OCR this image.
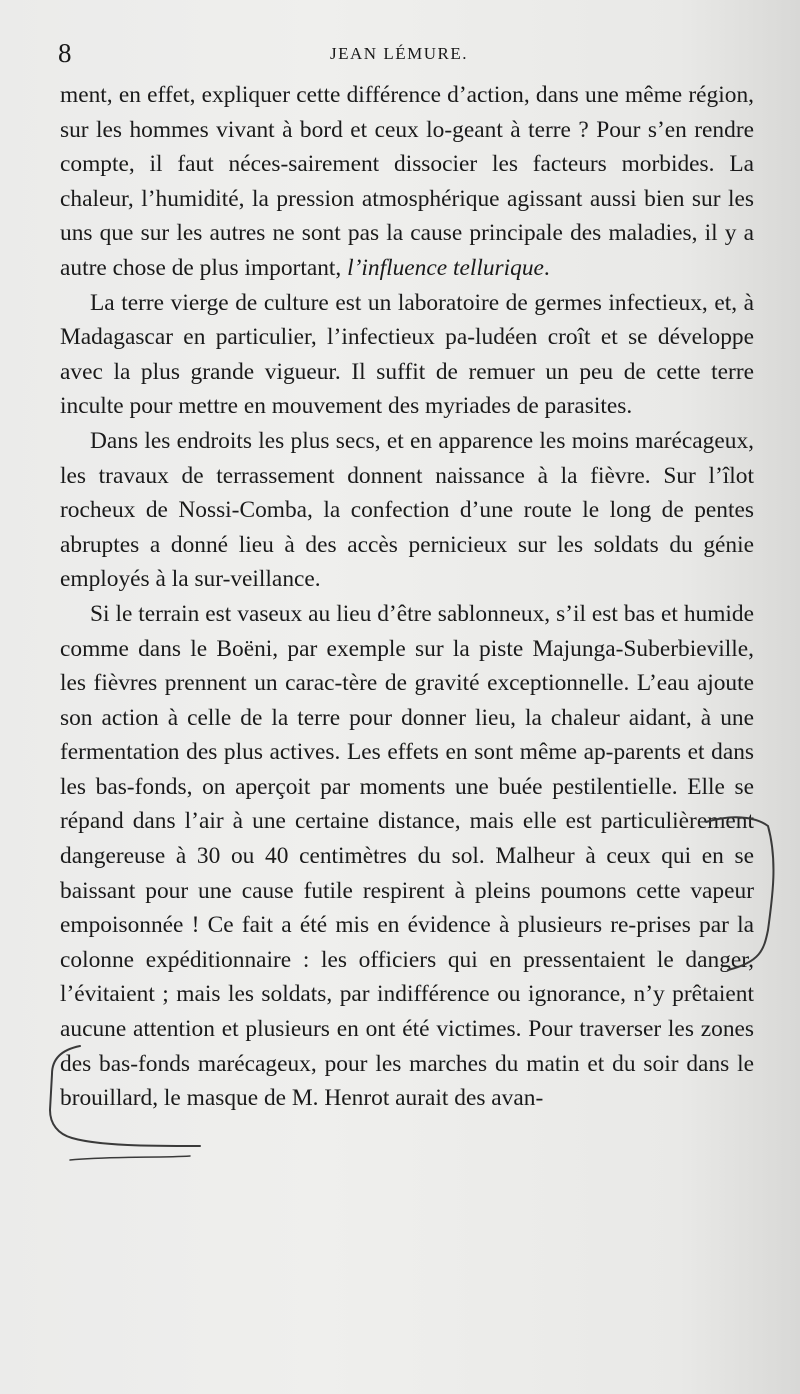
8	JEAN LÉMURE.

ment, en effet, expliquer cette différence d’action, dans une même région, sur les hommes vivant à bord et ceux lo-geant à terre ? Pour s’en rendre compte, il faut néces-sairement dissocier les facteurs morbides. La chaleur, l’humidité, la pression atmosphérique agissant aussi bien sur les uns que sur les autres ne sont pas la cause principale des maladies, il y a autre chose de plus important, l’influence tellurique.

La terre vierge de culture est un laboratoire de germes infectieux, et, à Madagascar en particulier, l’infectieux pa-ludéen croît et se développe avec la plus grande vigueur. Il suffit de remuer un peu de cette terre inculte pour mettre en mouvement des myriades de parasites.

Dans les endroits les plus secs, et en apparence les moins marécageux, les travaux de terrassement donnent naissance à la fièvre. Sur l’îlot rocheux de Nossi-Comba, la confection d’une route le long de pentes abruptes a donné lieu à des accès pernicieux sur les soldats du génie employés à la sur-veillance.

Si le terrain est vaseux au lieu d’être sablonneux, s’il est bas et humide comme dans le Boëni, par exemple sur la piste Majunga-Suberbieville, les fièvres prennent un carac-tère de gravité exceptionnelle. L’eau ajoute son action à celle de la terre pour donner lieu, la chaleur aidant, à une fermentation des plus actives. Les effets en sont même ap-parents et dans les bas-fonds, on aperçoit par moments une buée pestilentielle. Elle se répand dans l’air à une certaine distance, mais elle est particulièrement dangereuse à 30 ou 40 centimètres du sol. Malheur à ceux qui en se baissant pour une cause futile respirent à pleins poumons cette vapeur empoisonnée ! Ce fait a été mis en évidence à plusieurs re-prises par la colonne expéditionnaire : les officiers qui en pressentaient le danger, l’évitaient ; mais les soldats, par indifférence ou ignorance, n’y prêtaient aucune attention et plusieurs en ont été victimes. Pour traverser les zones des bas-fonds marécageux, pour les marches du matin et du soir dans le brouillard, le masque de M. Henrot aurait des avan-
